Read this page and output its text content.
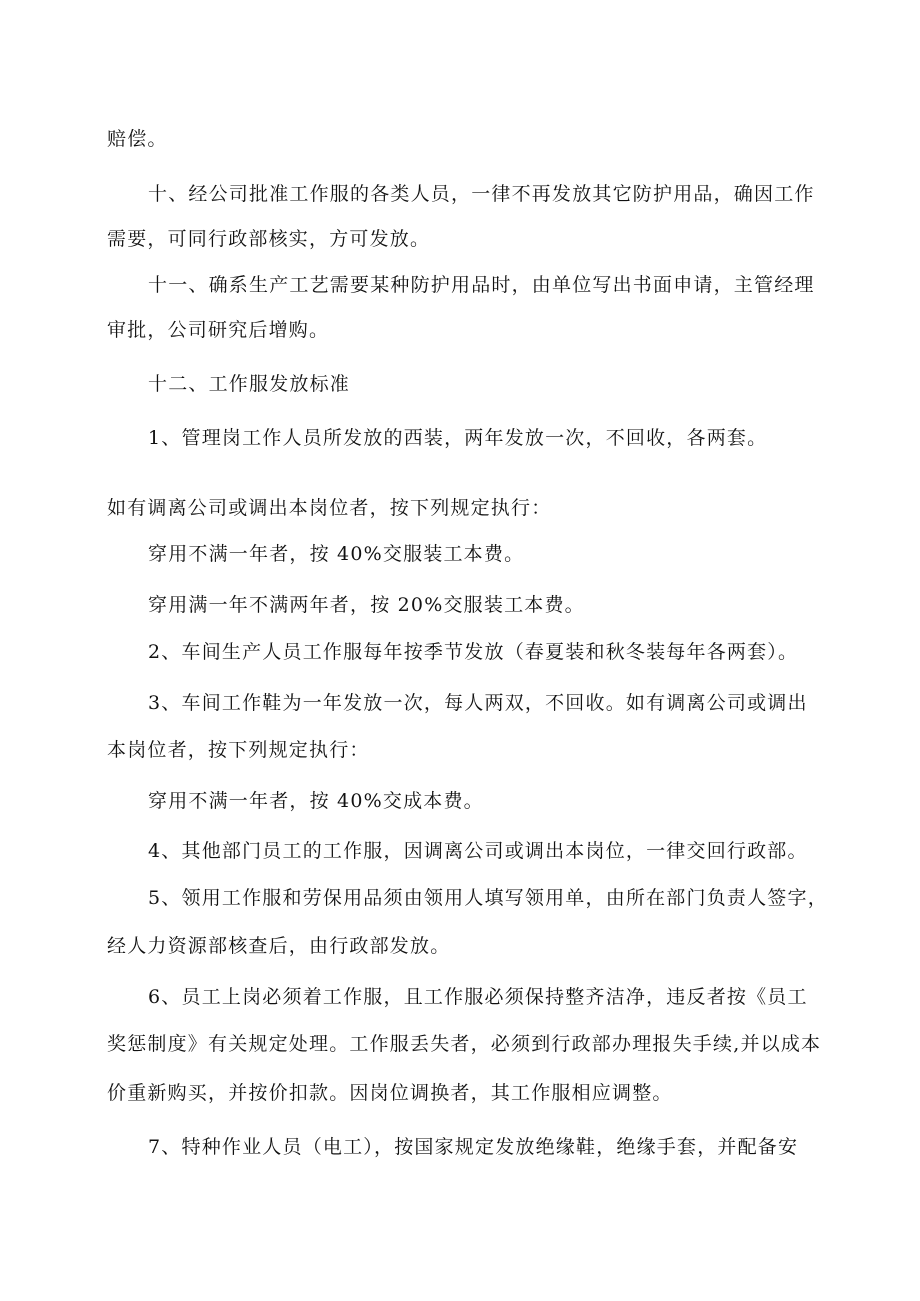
赔偿。
十、经公司批准工作服的各类人员，一律不再发放其它防护用品，确因工作
需要，可同行政部核实，方可发放。
十一、确系生产工艺需要某种防护用品时，由单位写出书面申请，主管经理
审批，公司研究后增购。
十二、工作服发放标准
1、管理岗工作人员所发放的西装，两年发放一次，不回收，各两套。
如有调离公司或调出本岗位者，按下列规定执行：
穿用不满一年者，按 40%交服装工本费。
穿用满一年不满两年者，按 20%交服装工本费。
2、车间生产人员工作服每年按季节发放（春夏装和秋冬装每年各两套）。
3、车间工作鞋为一年发放一次，每人两双，不回收。如有调离公司或调出
本岗位者，按下列规定执行：
穿用不满一年者，按 40%交成本费。
4、其他部门员工的工作服，因调离公司或调出本岗位，一律交回行政部。
5、领用工作服和劳保用品须由领用人填写领用单，由所在部门负责人签字，
经人力资源部核查后，由行政部发放。
6、员工上岗必须着工作服，且工作服必须保持整齐洁净，违反者按《员工
奖惩制度》有关规定处理。工作服丢失者，必须到行政部办理报失手续,并以成本
价重新购买，并按价扣款。因岗位调换者，其工作服相应调整。
7、特种作业人员（电工），按国家规定发放绝缘鞋，绝缘手套，并配备安
